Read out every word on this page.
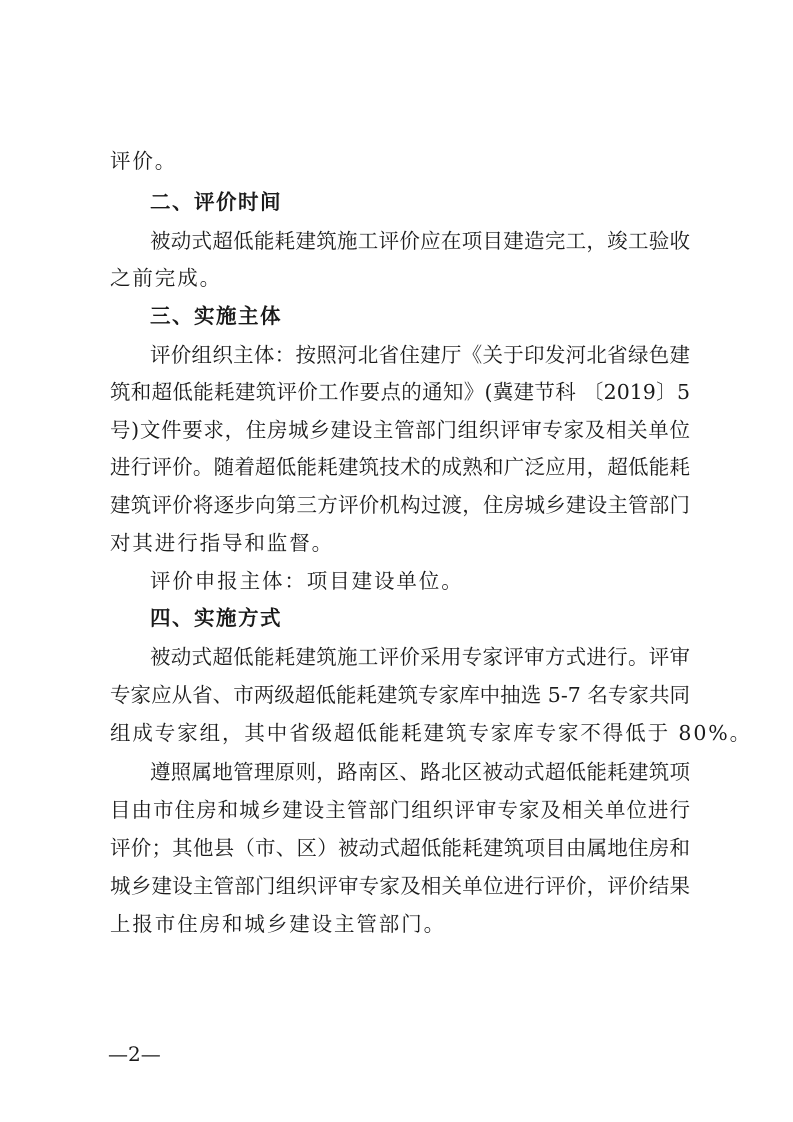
评价。
二、评价时间
被动式超低能耗建筑施工评价应在项目建造完工，竣工验收
之前完成。
三、实施主体
评价组织主体：按照河北省住建厅《关于印发河北省绿色建
筑和超低能耗建筑评价工作要点的通知》(冀建节科 〔2019〕5
号)文件要求，住房城乡建设主管部门组织评审专家及相关单位
进行评价。随着超低能耗建筑技术的成熟和广泛应用，超低能耗
建筑评价将逐步向第三方评价机构过渡，住房城乡建设主管部门
对其进行指导和监督。
评价申报主体：项目建设单位。
四、实施方式
被动式超低能耗建筑施工评价采用专家评审方式进行。评审
专家应从省、市两级超低能耗建筑专家库中抽选 5-7 名专家共同
组成专家组，其中省级超低能耗建筑专家库专家不得低于 80%。
遵照属地管理原则，路南区、路北区被动式超低能耗建筑项
目由市住房和城乡建设主管部门组织评审专家及相关单位进行
评价；其他县（市、区）被动式超低能耗建筑项目由属地住房和
城乡建设主管部门组织评审专家及相关单位进行评价，评价结果
上报市住房和城乡建设主管部门。
—2—
